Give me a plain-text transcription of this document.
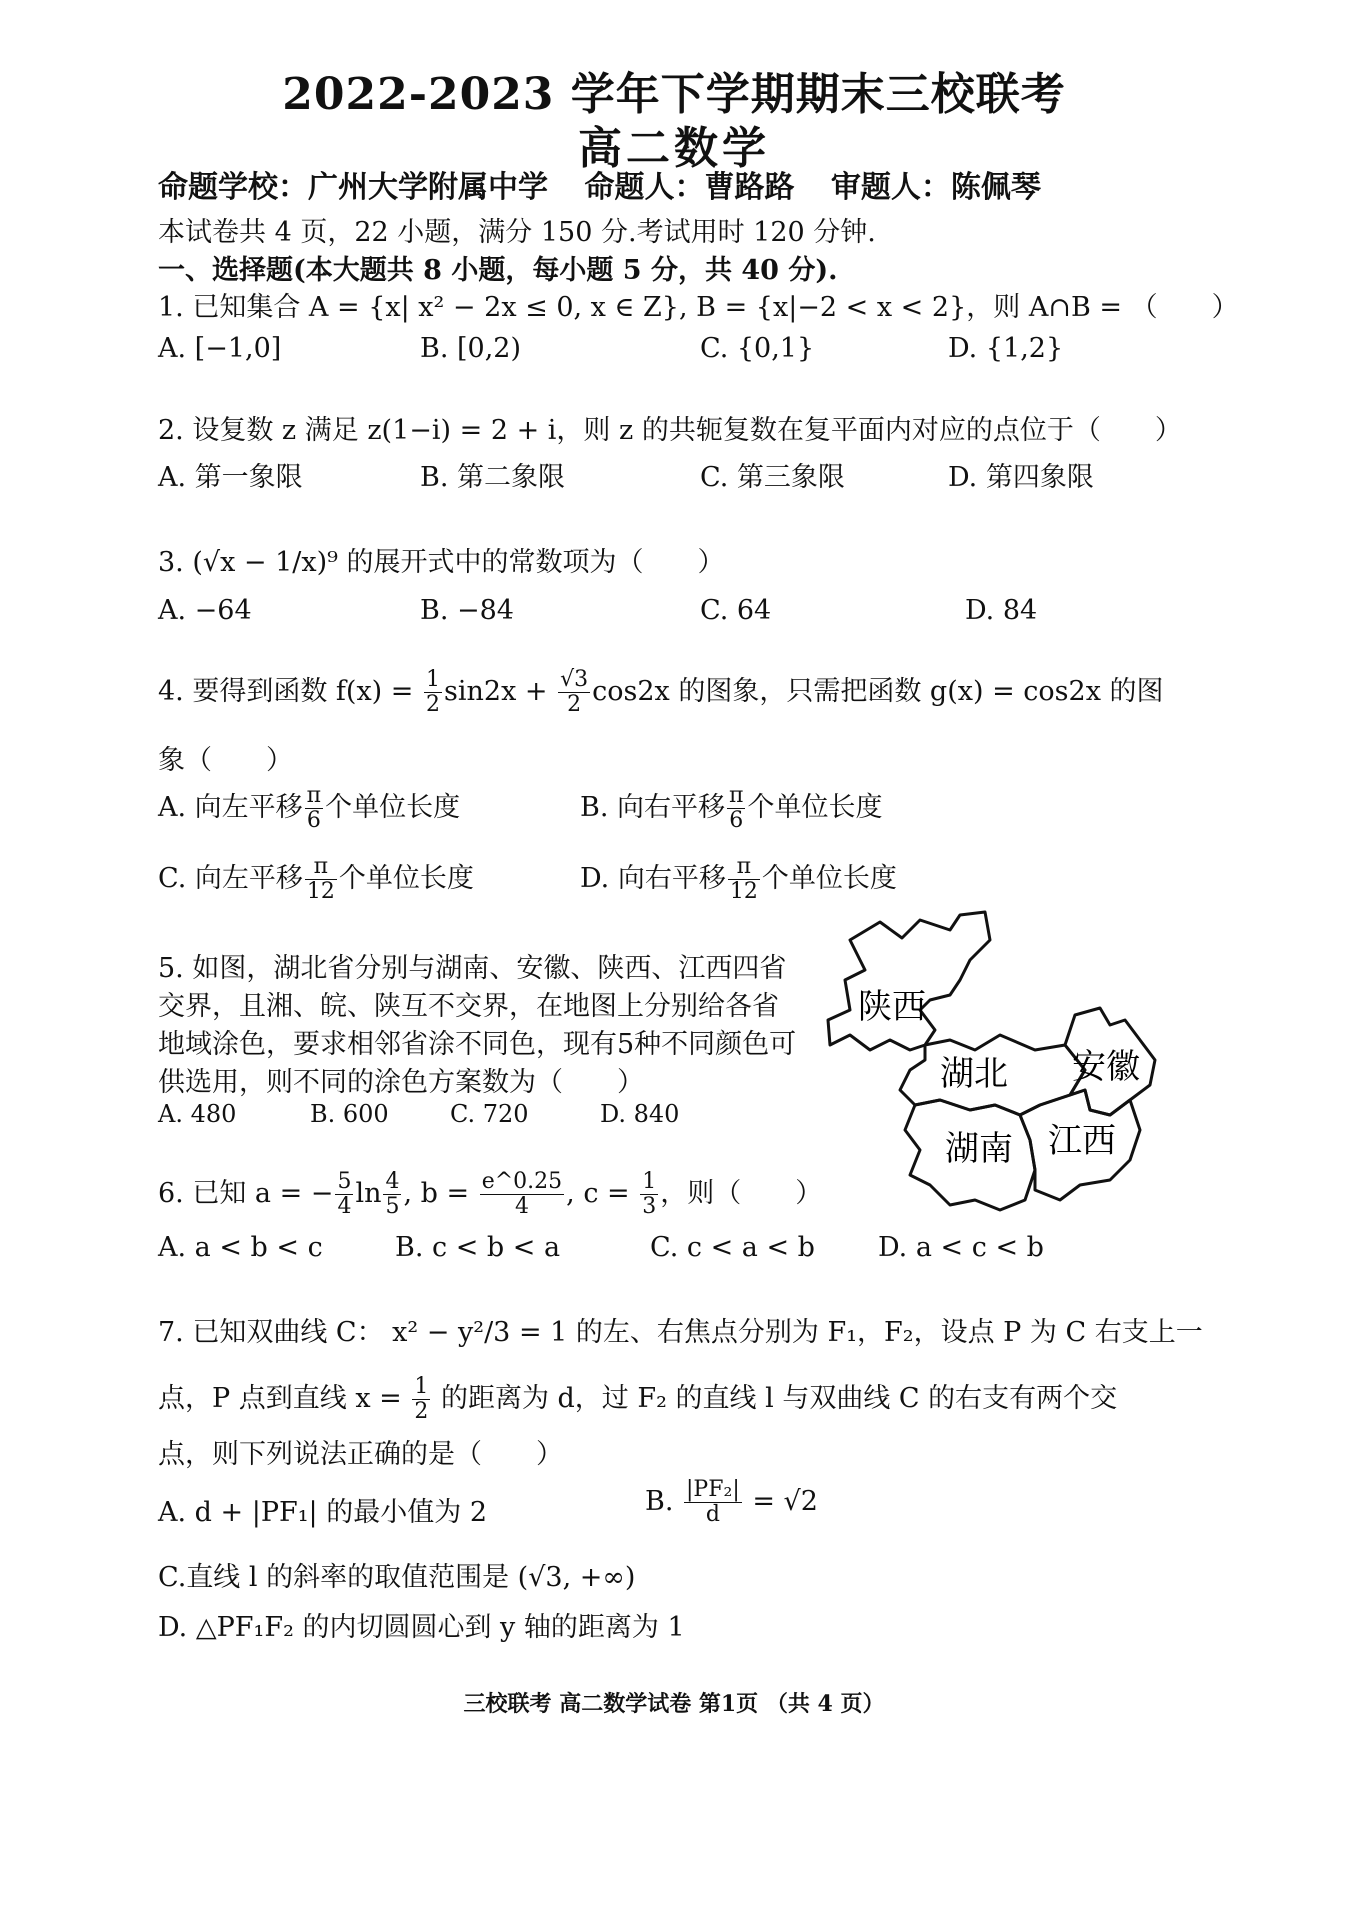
2022-2023 学年下学期期末三校联考
高二数学
命题学校：广州大学附属中学 命题人：曹路路 审题人：陈佩琴
本试卷共 4 页，22 小题，满分 150 分.考试用时 120 分钟.
一、选择题(本大题共 8 小题，每小题 5 分，共 40 分).
1. 已知集合 A = {x| x² − 2x ≤ 0, x ∈ Z}, B = {x|−2 < x < 2}，则 A∩B = （　　）
A. [−1,0]	B. [0,2)	C. {0,1}	D. {1,2}
2. 设复数 z 满足 z(1−i) = 2 + i，则 z 的共轭复数在复平面内对应的点位于（　　）
A. 第一象限	B. 第二象限	C. 第三象限	D. 第四象限
3. (√x − 1/x)⁹ 的展开式中的常数项为（　　）
A. −64	B. −84	C. 64	D. 84
4. 要得到函数 $f(x) = \frac{1}{2} \sin 2x + \frac{√3}{2} \cos 2x$ 的图象，只需把函数 g(x) = cos2x 的图
象（　　）
A. 向左平移 $\frac{\pi}{6}$ 个单位长度	B. 向右平移 $\frac{\pi}{6}$ 个单位长度
C. 向左平移 $\frac{\pi}{12}$ 个单位长度	D. 向右平移 $\frac{\pi}{12}$ 个单位长度
5. 如图，湖北省分别与湖南、安徽、陕西、江西四省交界，且湘、皖、陕互不交界，在地图上分别给各省地域涂色，要求相邻省涂不同色，现有5种不同颜色可供选用，则不同的涂色方案数为（　　）
A. 480	B. 600	C. 720	D. 840
陕西
湖北 安徽
湖南 江西
6. 已知 a = − $\frac{5}{4}$ $\ln \frac{4}{5}$ , $b = \frac{e\^{}0.25}{4}$ , $c = \frac{1}{3}$ ，则（　　）
A. a < b < c	B. c < b < a	C. c < a < b D. a < c < b
7. 已知双曲线 C： x² − y²/3 = 1 的左、右焦点分别为 F₁，F₂，设点 P 为 C 右支上一
点，P 点到直线 $x = \frac{1}{2}$ 的距离为 d，过 F₂ 的直线 l 与双曲线 C 的右支有两个交
点，则下列说法正确的是（　　）
A. d + |PF₁| 的最小值为 2	B. $\frac{\text{|PF₂|}}{d} = √2$
C.直线 l 的斜率的取值范围是 (√3, +∞)
D. △PF₁F₂ 的内切圆圆心到 y 轴的距离为 1
三校联考 高二数学试卷 第1页 （共 4 页）
